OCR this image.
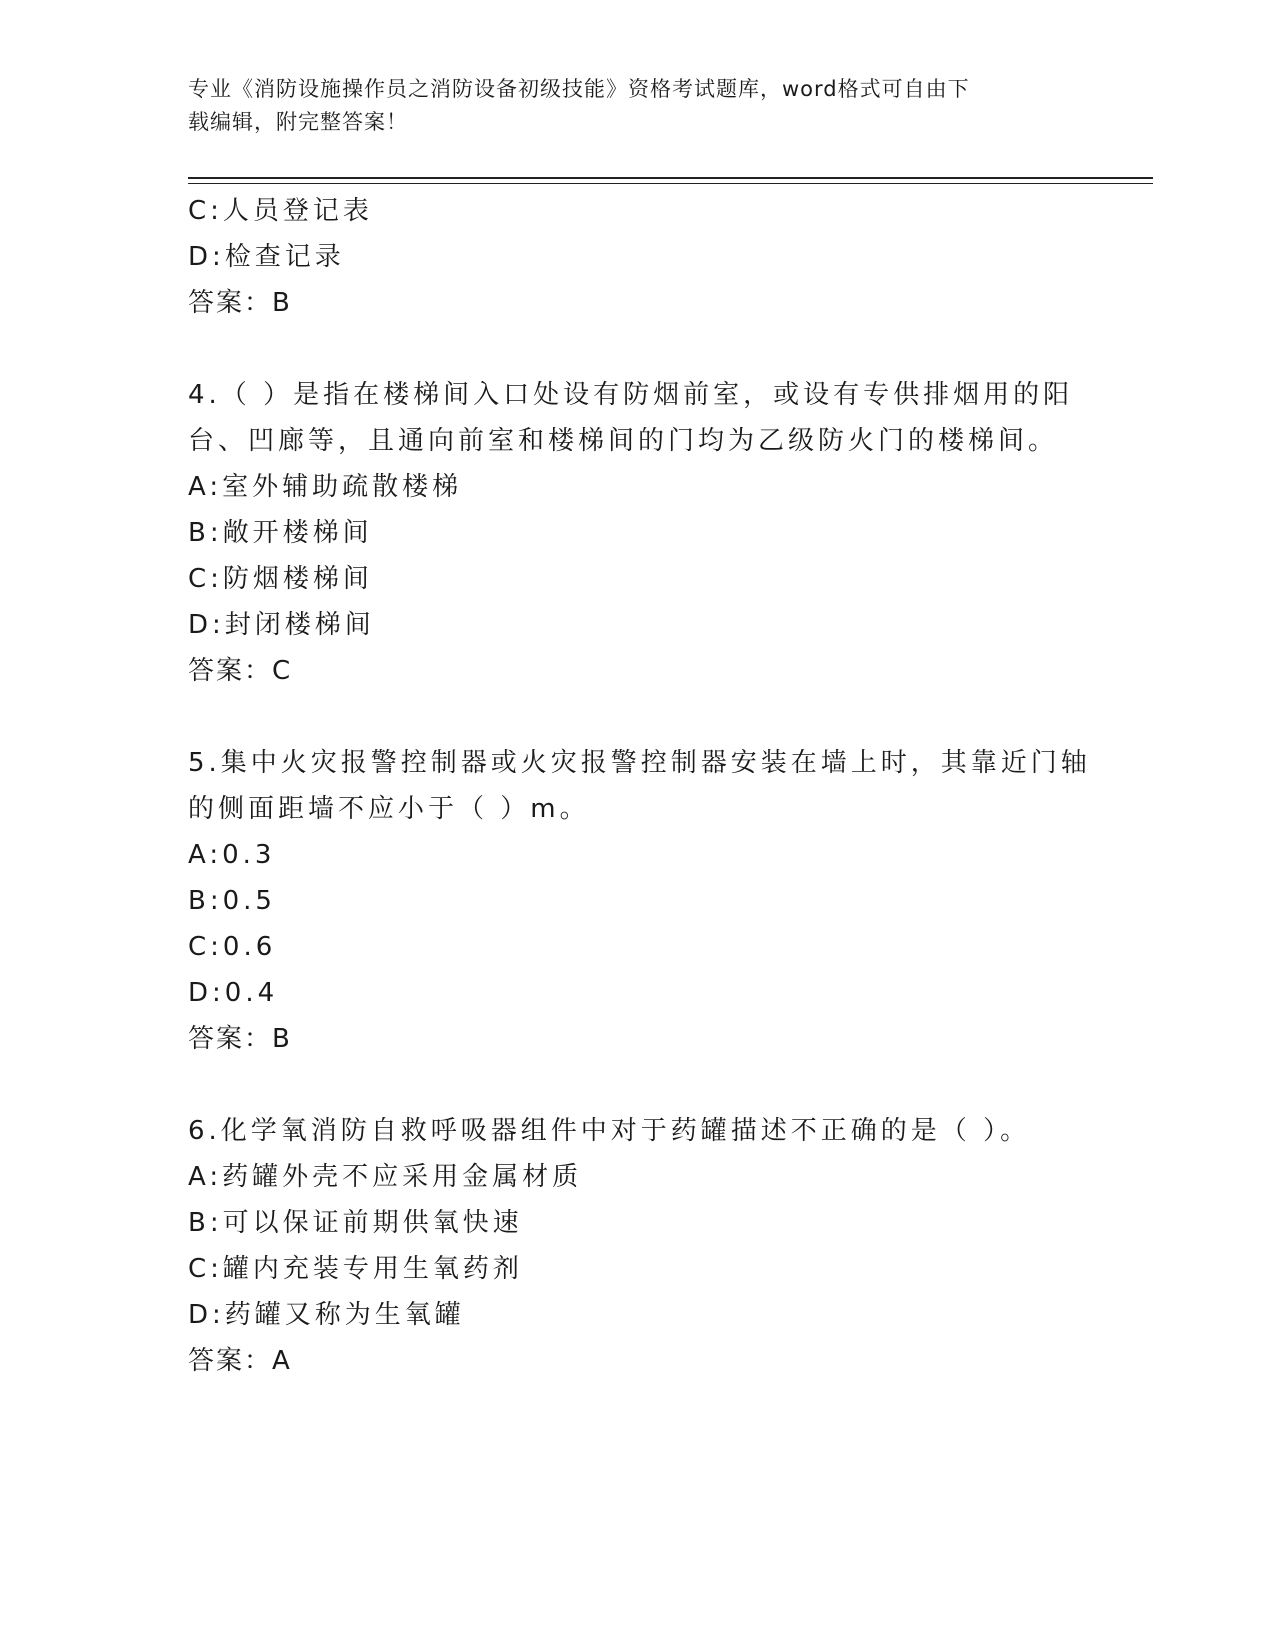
专业《消防设施操作员之消防设备初级技能》资格考试题库，word格式可自由下
载编辑，附完整答案！
C:人员登记表
D:检查记录
答案：B
4.（ ）是指在楼梯间入口处设有防烟前室，或设有专供排烟用的阳
台、凹廊等，且通向前室和楼梯间的门均为乙级防火门的楼梯间。
A:室外辅助疏散楼梯
B:敞开楼梯间
C:防烟楼梯间
D:封闭楼梯间
答案：C
5.集中火灾报警控制器或火灾报警控制器安装在墙上时，其靠近门轴
的侧面距墙不应小于（ ）m。
A:0.3
B:0.5
C:0.6
D:0.4
答案：B
6.化学氧消防自救呼吸器组件中对于药罐描述不正确的是（ ）。
A:药罐外壳不应采用金属材质
B:可以保证前期供氧快速
C:罐内充装专用生氧药剂
D:药罐又称为生氧罐
答案：A
